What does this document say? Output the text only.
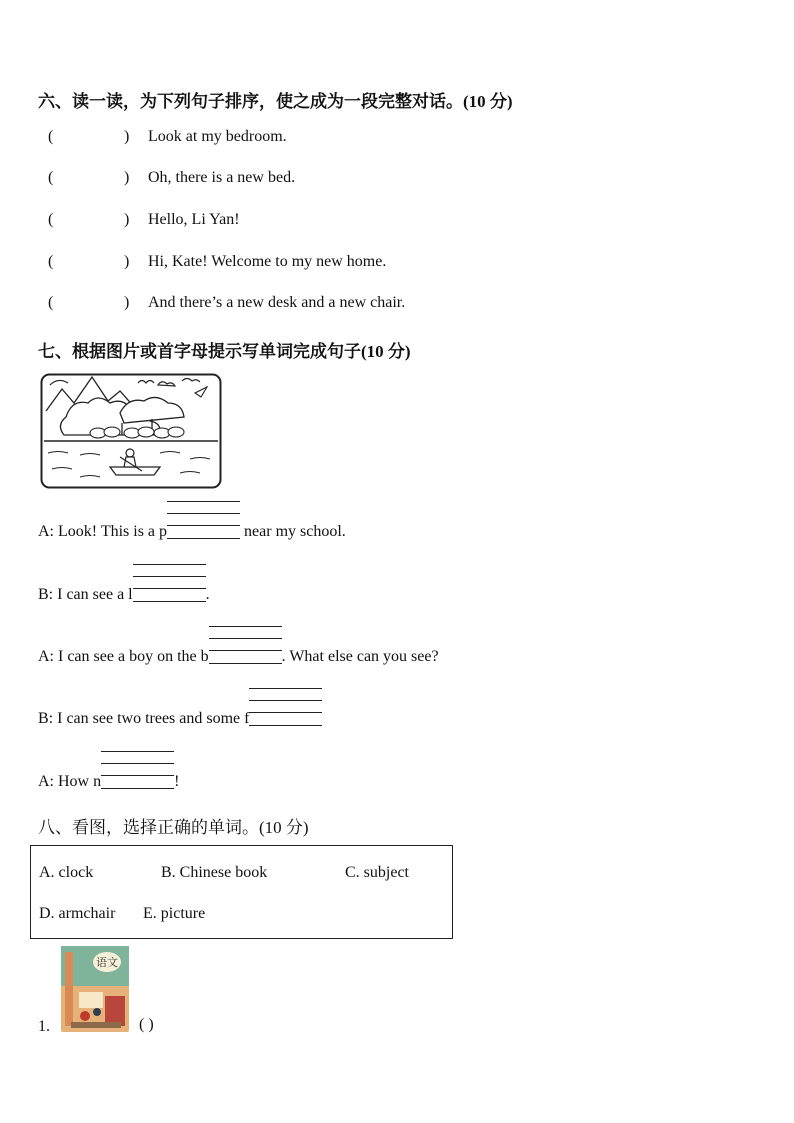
六、读一读，为下列句子排序，使之成为一段完整对话。(10 分)
(	) Look at my bedroom.
(	) Oh, there is a new bed.
(	) Hello, Li Yan!
(	) Hi, Kate! Welcome to my new home.
(	) And there’s a new desk and a new chair.
七、根据图片或首字母提示写单词完成句子(10 分)
A: Look! This is a p	near my school.
B: I can see a l	.
A: I can see a boy on the b	. What else can you see?
B: I can see two trees and some f

A: How n	!
八、看图，选择正确的单词。(10 分)
A. clock	B. Chinese book	C. subject
D. armchair E. picture
1.
语文
( )
